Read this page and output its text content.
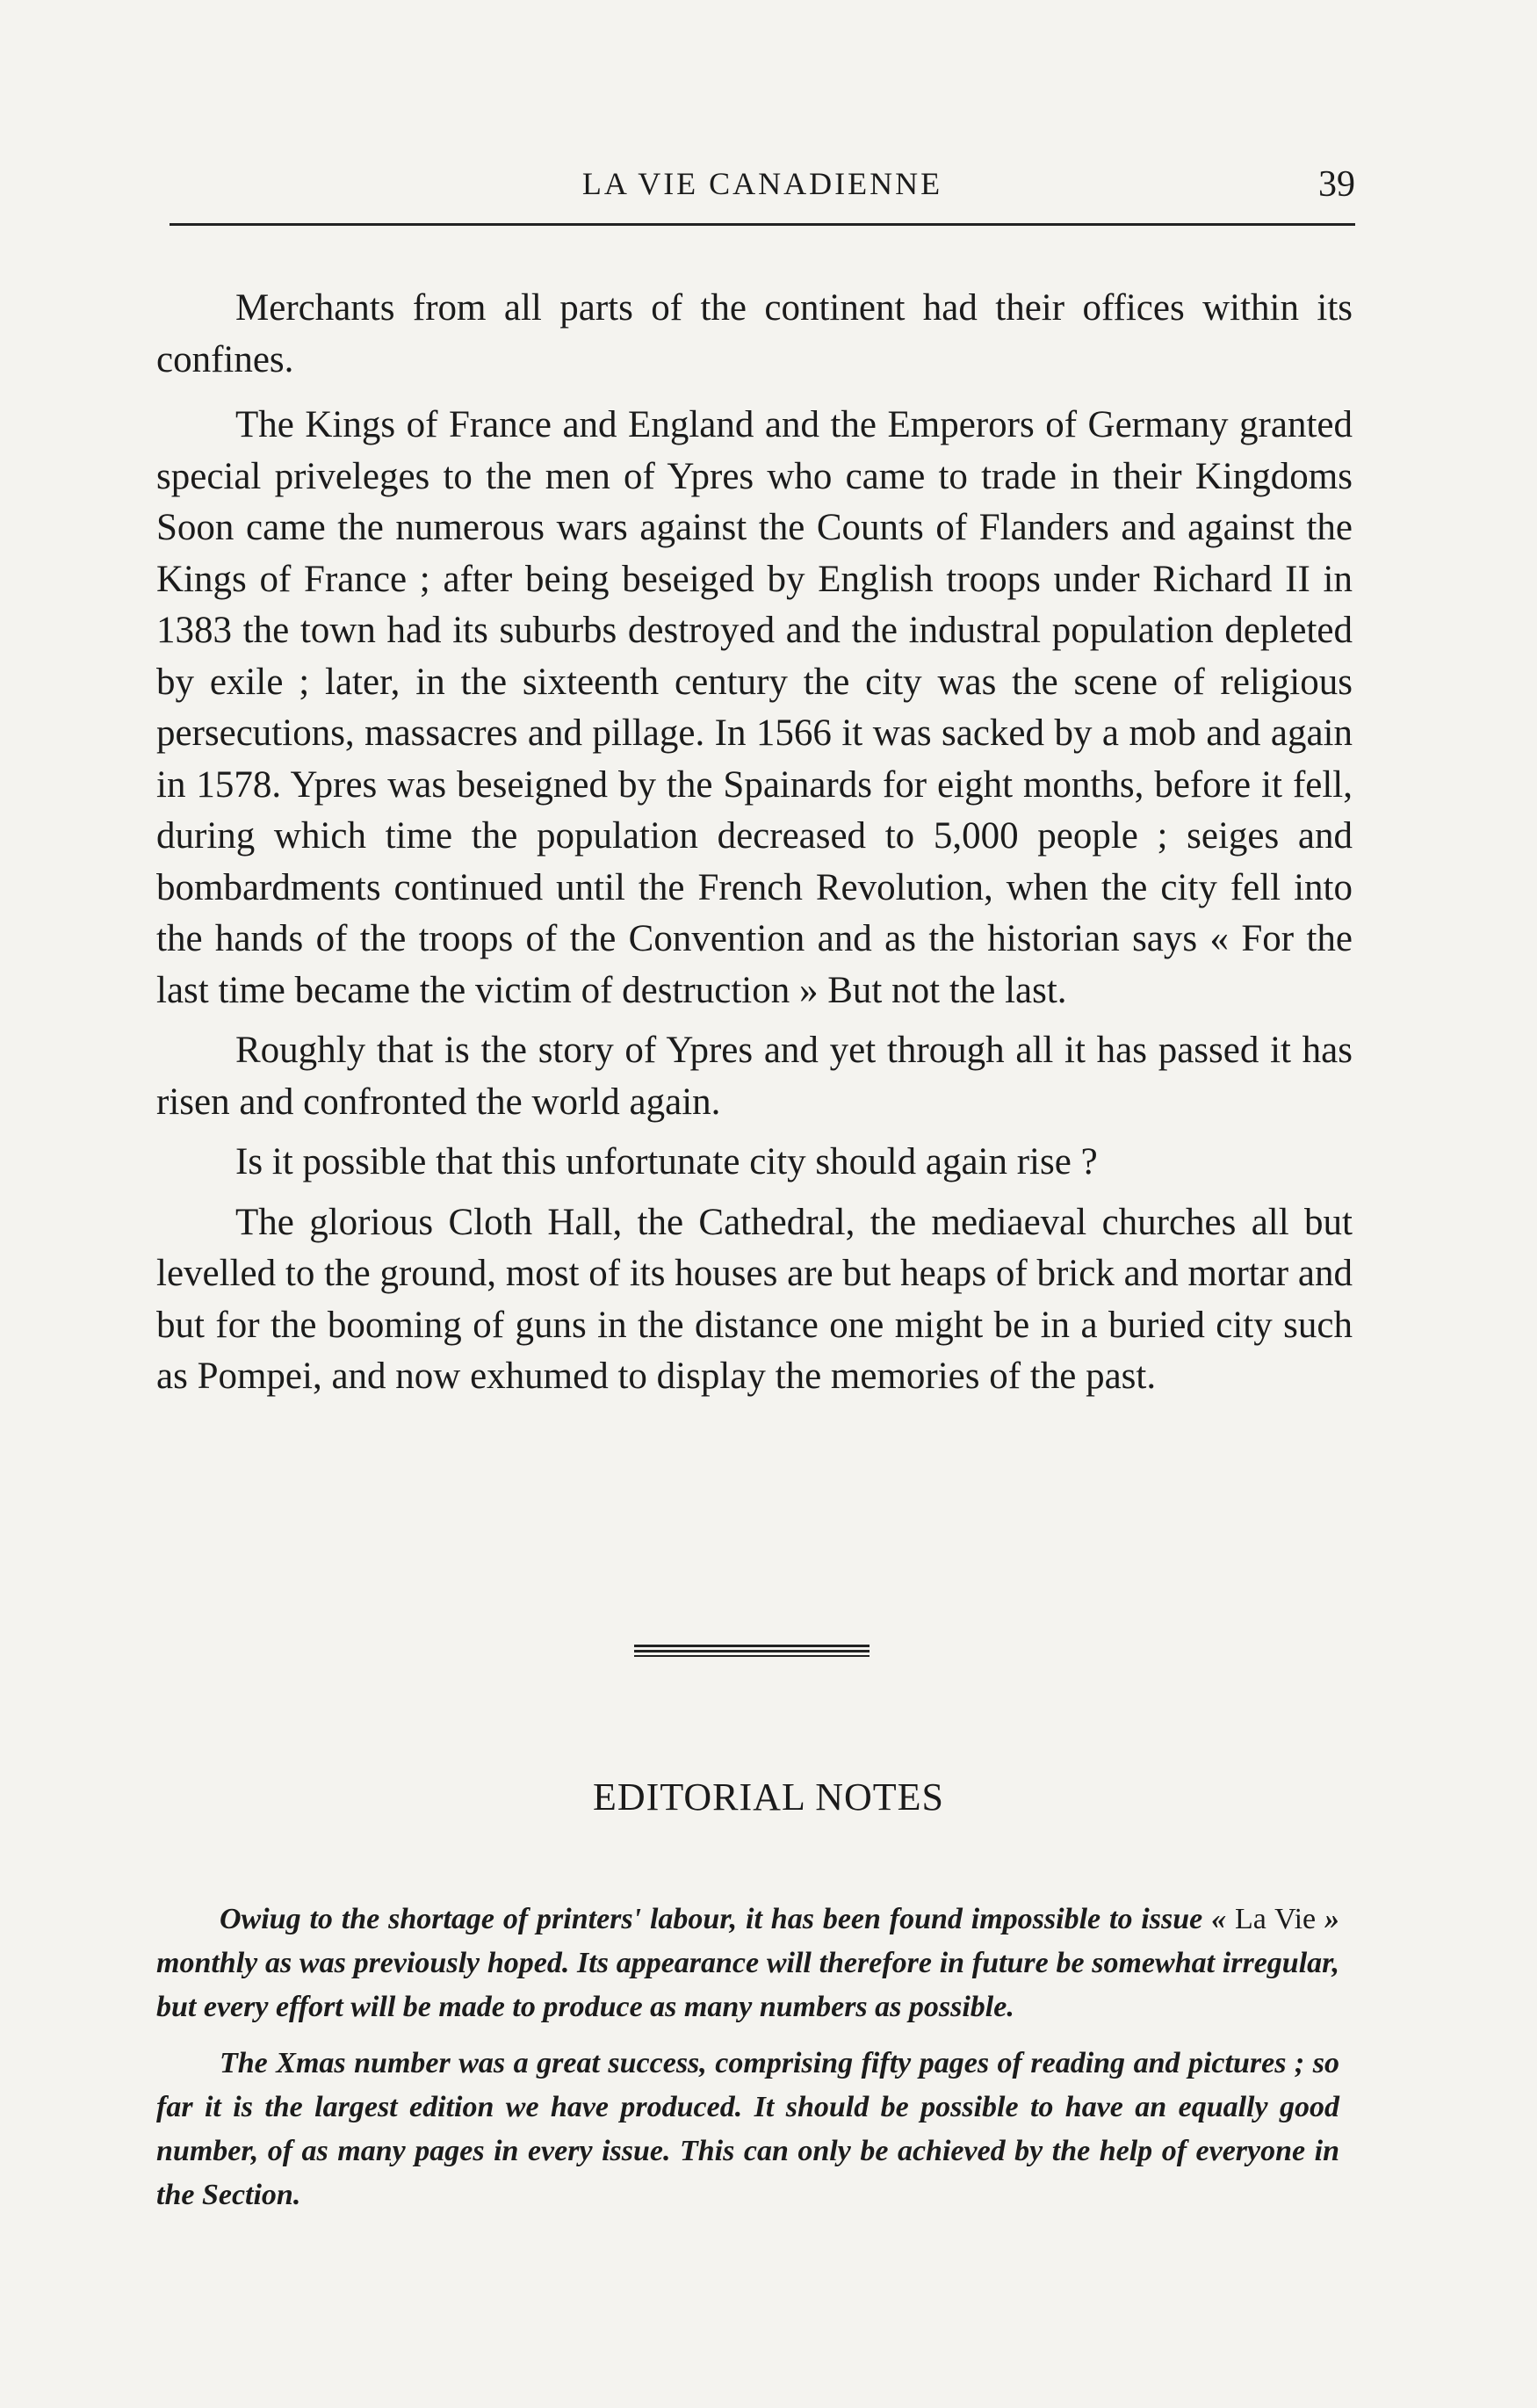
LA VIE CANADIENNE	39

Merchants from all parts of the continent had their offices within its confines.

The Kings of France and England and the Emperors of Germany granted special priveleges to the men of Ypres who came to trade in their Kingdoms Soon came the numerous wars against the Counts of Flanders and against the Kings of France ; after being beseiged by English troops under Richard II in 1383 the town had its suburbs destroyed and the industral population depleted by exile ; later, in the sixteenth century the city was the scene of religious persecutions, massacres and pillage. In 1566 it was sacked by a mob and again in 1578. Ypres was beseigned by the Spainards for eight months, before it fell, during which time the population decreased to 5,000 people ; seiges and bombardments continued until the French Revolution, when the city fell into the hands of the troops of the Convention and as the historian says « For the last time became the victim of destruction » But not the last.

Roughly that is the story of Ypres and yet through all it has passed it has risen and confronted the world again.

Is it possible that this unfortunate city should again rise ?

The glorious Cloth Hall, the Cathedral, the mediaeval churches all but levelled to the ground, most of its houses are but heaps of brick and mortar and but for the booming of guns in the distance one might be in a buried city such as Pompei, and now exhumed to display the memories of the past.

EDITORIAL NOTES

Owiug to the shortage of printers' labour, it has been found impossible to issue « La Vie » monthly as was previously hoped. Its appearance will therefore in future be somewhat irregular, but every effort will be made to produce as many numbers as possible.

The Xmas number was a great success, comprising fifty pages of reading and pictures ; so far it is the largest edition we have produced. It should be possible to have an equally good number, of as many pages in every issue. This can only be achieved by the help of everyone in the Section.
